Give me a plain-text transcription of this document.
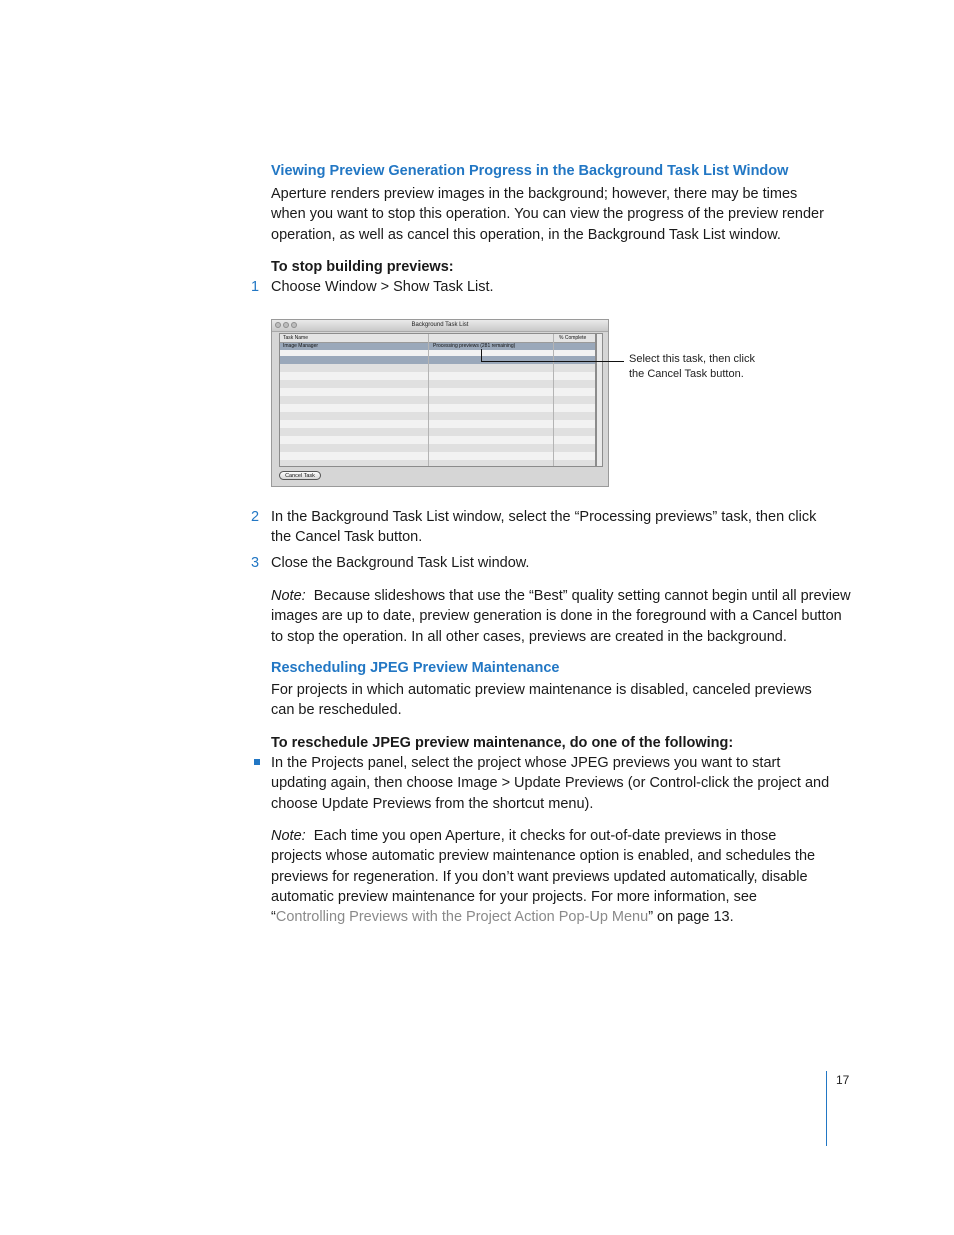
Viewing Preview Generation Progress in the Background Task List Window
Aperture renders preview images in the background; however, there may be times
when you want to stop this operation. You can view the progress of the preview render
operation, as well as cancel this operation, in the Background Task List window.
To stop building previews:
1 Choose Window > Show Task List.
Background Task List
Task Name	% Complete
Image Manager	Processing previews (281 remaining)
Cancel Task
Select this task, then click
the Cancel Task button.
2 In the Background Task List window, select the “Processing previews” task, then click
the Cancel Task button.
3 Close the Background Task List window.
Note: Because slideshows that use the “Best” quality setting cannot begin until all preview
images are up to date, preview generation is done in the foreground with a Cancel button
to stop the operation. In all other cases, previews are created in the background.
Rescheduling JPEG Preview Maintenance
For projects in which automatic preview maintenance is disabled, canceled previews
can be rescheduled.
To reschedule JPEG preview maintenance, do one of the following:
In the Projects panel, select the project whose JPEG previews you want to start
updating again, then choose Image > Update Previews (or Control-click the project and
choose Update Previews from the shortcut menu).
Note: Each time you open Aperture, it checks for out-of-date previews in those
projects whose automatic preview maintenance option is enabled, and schedules the
previews for regeneration. If you don’t want previews updated automatically, disable
automatic preview maintenance for your projects. For more information, see
“Controlling Previews with the Project Action Pop-Up Menu” on page 13.
17
